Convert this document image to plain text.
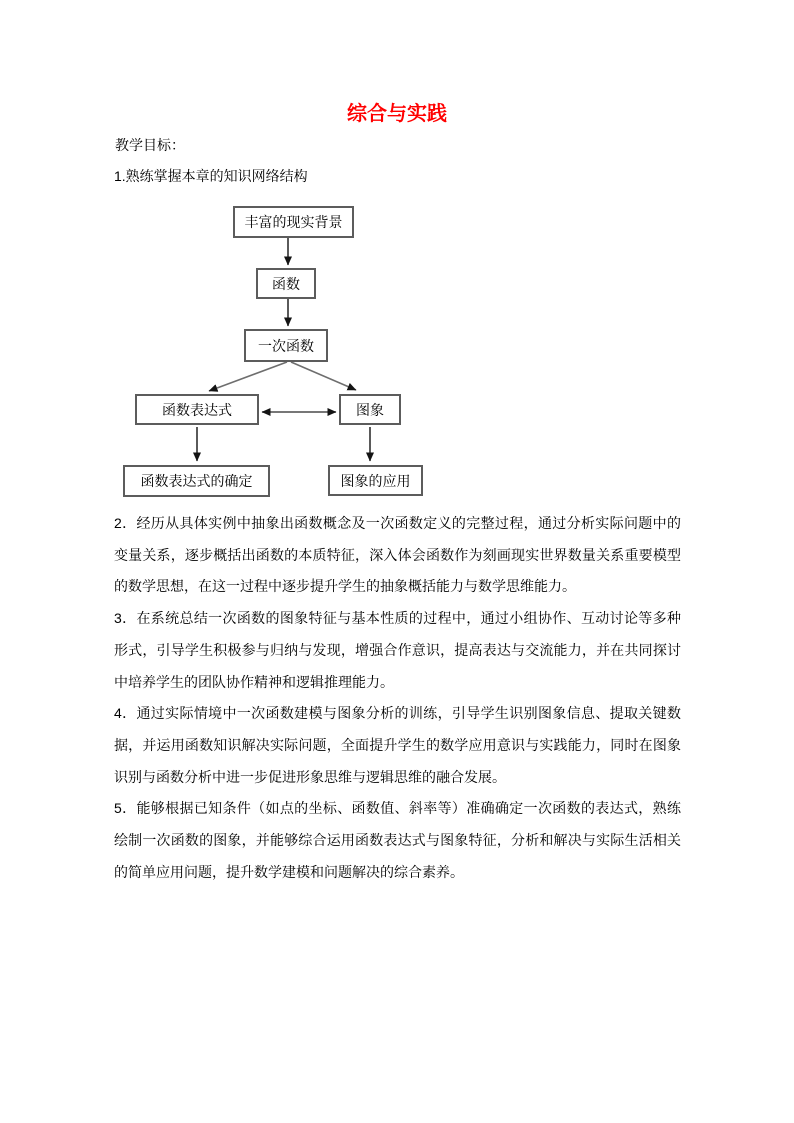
综合与实践
教学目标：
1.熟练掌握本章的知识网络结构
丰富的现实背景
函数
一次函数
函数表达式	图象
函数表达式的确定	图象的应用

2．经历从具体实例中抽象出函数概念及一次函数定义的完整过程，通过分析实际问题中的变量关系，逐步概括出函数的本质特征，深入体会函数作为刻画现实世界数量关系重要模型的数学思想，在这一过程中逐步提升学生的抽象概括能力与数学思维能力。

3．在系统总结一次函数的图象特征与基本性质的过程中，通过小组协作、互动讨论等多种形式，引导学生积极参与归纳与发现，增强合作意识，提高表达与交流能力，并在共同探讨中培养学生的团队协作精神和逻辑推理能力。

4．通过实际情境中一次函数建模与图象分析的训练，引导学生识别图象信息、提取关键数据，并运用函数知识解决实际问题，全面提升学生的数学应用意识与实践能力，同时在图象识别与函数分析中进一步促进形象思维与逻辑思维的融合发展。

5．能够根据已知条件（如点的坐标、函数值、斜率等）准确确定一次函数的表达式，熟练绘制一次函数的图象，并能够综合运用函数表达式与图象特征，分析和解决与实际生活相关的简单应用问题，提升数学建模和问题解决的综合素养。
